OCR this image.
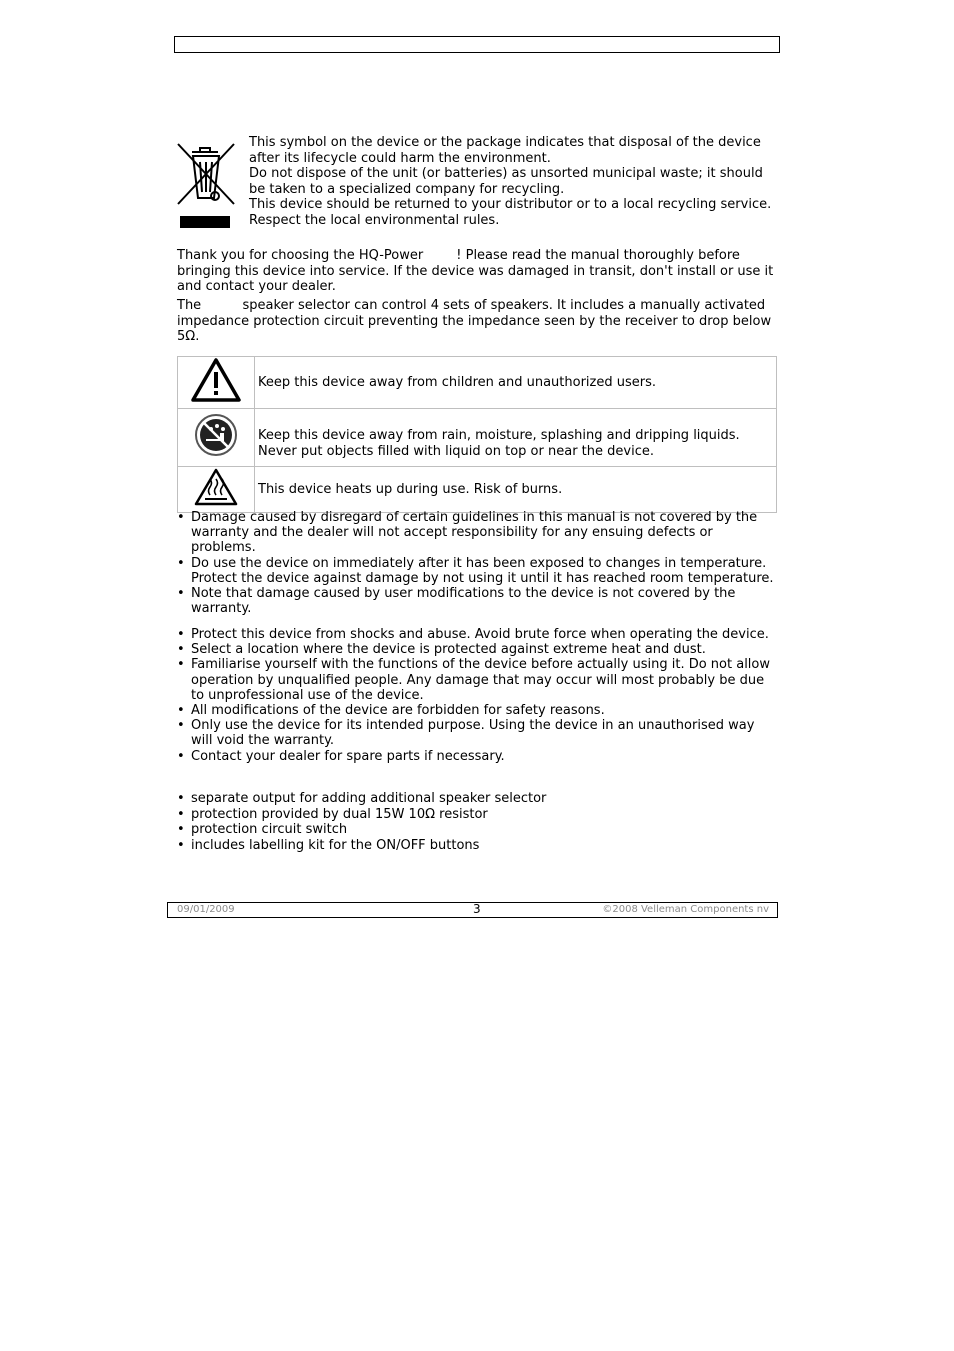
This symbol on the device or the package indicates that disposal of the device
after its lifecycle could harm the environment.
Do not dispose of the unit (or batteries) as unsorted municipal waste; it should
be taken to a specialized company for recycling.
This device should be returned to your distributor or to a local recycling service.
Respect the local environmental rules.
Thank you for choosing the HQ-Power        ! Please read the manual thoroughly before bringing this device into service. If the device was damaged in transit, don't install or use it and contact your dealer.
The          speaker selector can control 4 sets of speakers. It includes a manually activated impedance protection circuit preventing the impedance seen by the receiver to drop below 5Ω.
	Keep this device away from children and unauthorized users.
	Keep this device away from rain, moisture, splashing and dripping liquids. Never put objects filled with liquid on top or near the device.
	This device heats up during use. Risk of burns.
• Damage caused by disregard of certain guidelines in this manual is not covered by the warranty and the dealer will not accept responsibility for any ensuing defects or problems.
• Do use the device on immediately after it has been exposed to changes in temperature. Protect the device against damage by not using it until it has reached room temperature.
• Note that damage caused by user modifications to the device is not covered by the warranty.
• Protect this device from shocks and abuse. Avoid brute force when operating the device.
• Select a location where the device is protected against extreme heat and dust.
• Familiarise yourself with the functions of the device before actually using it. Do not allow operation by unqualified people. Any damage that may occur will most probably be due to unprofessional use of the device.
• All modifications of the device are forbidden for safety reasons.
• Only use the device for its intended purpose. Using the device in an unauthorised way will void the warranty.
• Contact your dealer for spare parts if necessary.
• separate output for adding additional speaker selector
• protection provided by dual 15W 10Ω resistor
• protection circuit switch
• includes labelling kit for the ON/OFF buttons
09/01/2009	3	©2008 Velleman Components nv
